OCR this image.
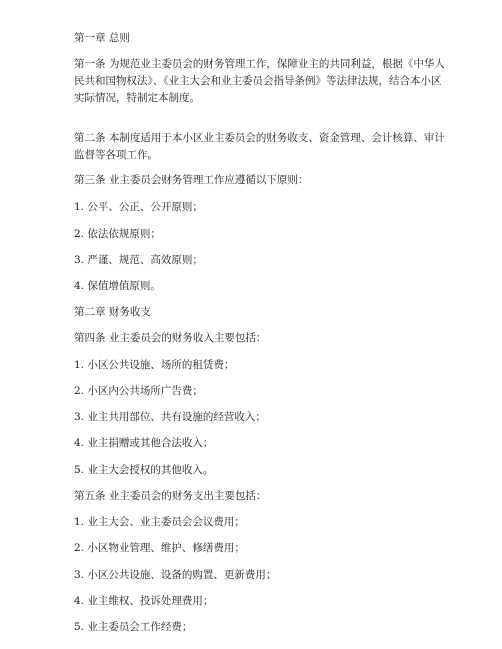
第一章 总则
第一条 为规范业主委员会的财务管理工作，保障业主的共同利益，根据《中华人
民共和国物权法》、《业主大会和业主委员会指导条例》等法律法规，结合本小区
实际情况，特制定本制度。
第二条 本制度适用于本小区业主委员会的财务收支、资金管理、会计核算、审计
监督等各项工作。
第三条 业主委员会财务管理工作应遵循以下原则：
1. 公平、公正、公开原则；
2. 依法依规原则；
3. 严谨、规范、高效原则；
4. 保值增值原则。
第二章 财务收支
第四条 业主委员会的财务收入主要包括：
1. 小区公共设施、场所的租赁费；
2. 小区内公共场所广告费；
3. 业主共用部位、共有设施的经营收入；
4. 业主捐赠或其他合法收入；
5. 业主大会授权的其他收入。
第五条 业主委员会的财务支出主要包括：
1. 业主大会、业主委员会会议费用；
2. 小区物业管理、维护、修缮费用；
3. 小区公共设施、设备的购置、更新费用；
4. 业主维权、投诉处理费用；
5. 业主委员会工作经费；
